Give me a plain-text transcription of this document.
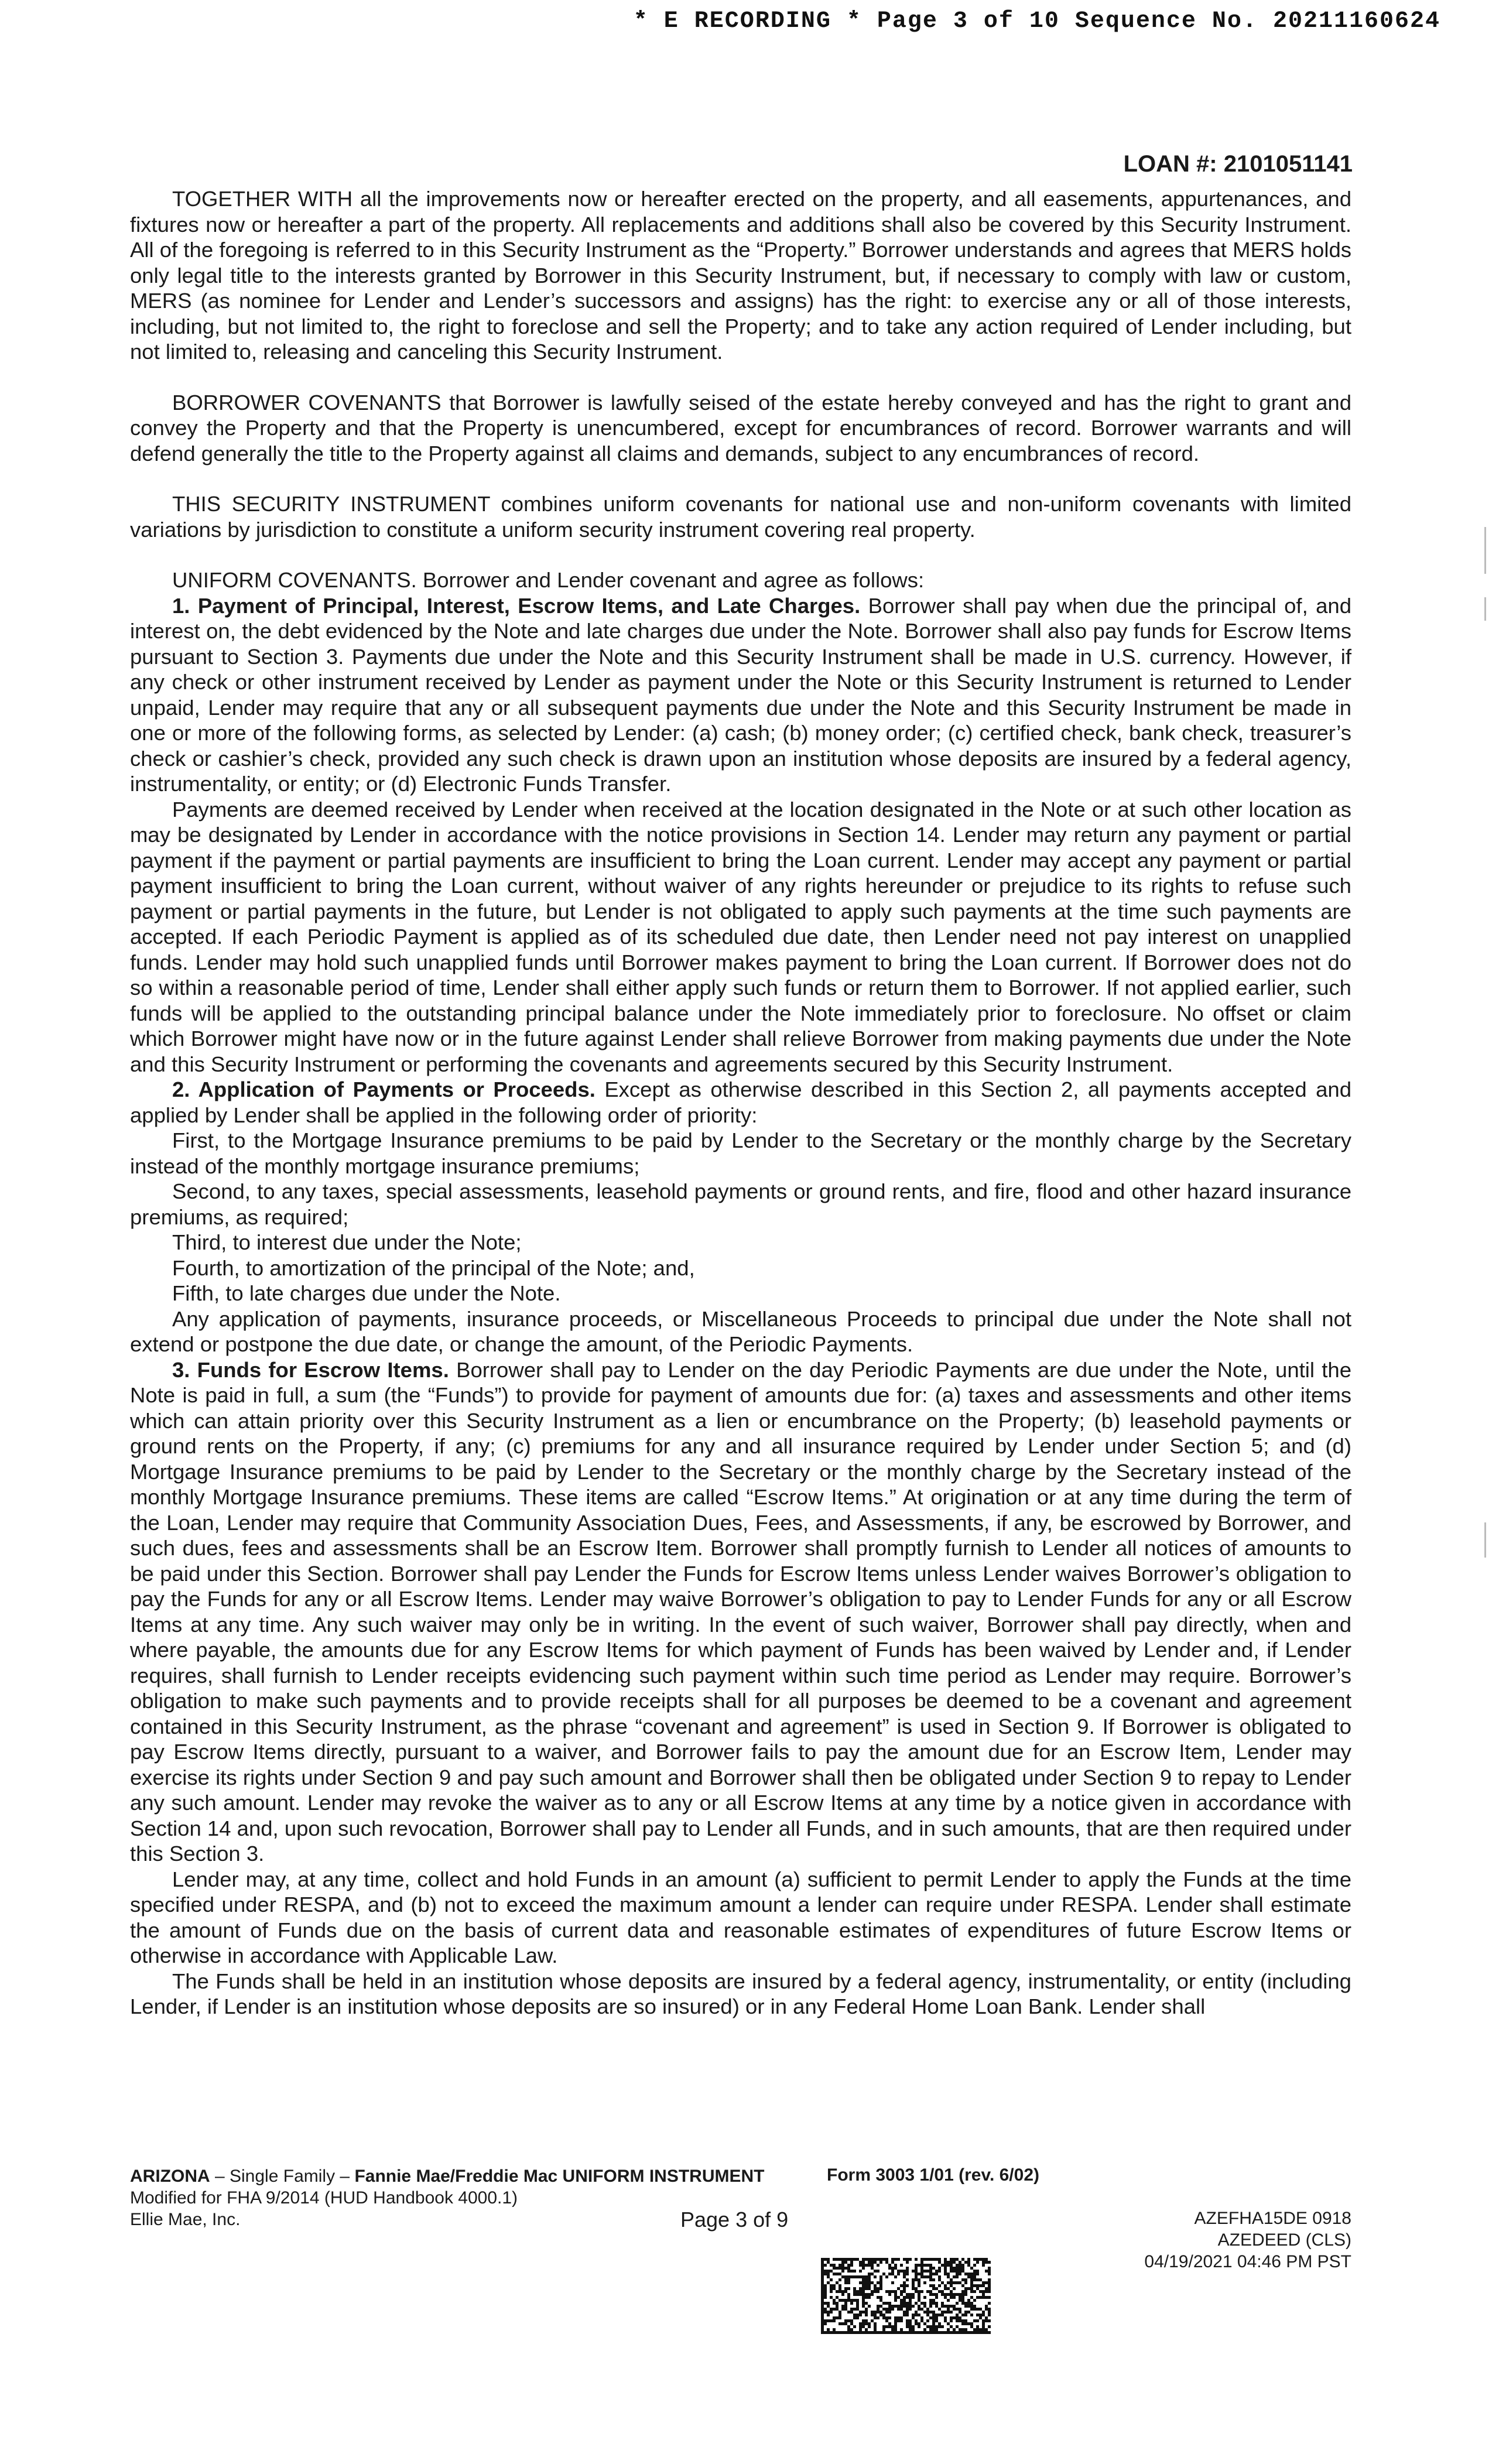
* E RECORDING * Page 3 of 10 Sequence No. 20211160624
LOAN #: 2101051141

TOGETHER WITH all the improvements now or hereafter erected on the property, and all easements, appurtenances, and fixtures now or hereafter a part of the property. All replacements and additions shall also be covered by this Security Instrument. All of the foregoing is referred to in this Security Instrument as the “Property.” Borrower understands and agrees that MERS holds only legal title to the interests granted by Borrower in this Security Instrument, but, if necessary to comply with law or custom, MERS (as nominee for Lender and Lender’s successors and assigns) has the right: to exercise any or all of those interests, including, but not limited to, the right to foreclose and sell the Property; and to take any action required of Lender including, but not limited to, releasing and canceling this Security Instrument.

BORROWER COVENANTS that Borrower is lawfully seised of the estate hereby conveyed and has the right to grant and convey the Property and that the Property is unencumbered, except for encumbrances of record. Borrower warrants and will defend generally the title to the Property against all claims and demands, subject to any encumbrances of record.

THIS SECURITY INSTRUMENT combines uniform covenants for national use and non-uniform covenants with limited variations by jurisdiction to constitute a uniform security instrument covering real property.

UNIFORM COVENANTS. Borrower and Lender covenant and agree as follows:

1. Payment of Principal, Interest, Escrow Items, and Late Charges. Borrower shall pay when due the principal of, and interest on, the debt evidenced by the Note and late charges due under the Note. Borrower shall also pay funds for Escrow Items pursuant to Section 3. Payments due under the Note and this Security Instrument shall be made in U.S. currency. However, if any check or other instrument received by Lender as payment under the Note or this Security Instrument is returned to Lender unpaid, Lender may require that any or all subsequent payments due under the Note and this Security Instrument be made in one or more of the following forms, as selected by Lender: (a) cash; (b) money order; (c) certified check, bank check, treasurer’s check or cashier’s check, provided any such check is drawn upon an institution whose deposits are insured by a federal agency, instrumentality, or entity; or (d) Electronic Funds Transfer.

Payments are deemed received by Lender when received at the location designated in the Note or at such other location as may be designated by Lender in accordance with the notice provisions in Section 14. Lender may return any payment or partial payment if the payment or partial payments are insufficient to bring the Loan current. Lender may accept any payment or partial payment insufficient to bring the Loan current, without waiver of any rights hereunder or prejudice to its rights to refuse such payment or partial payments in the future, but Lender is not obligated to apply such payments at the time such payments are accepted. If each Periodic Payment is applied as of its scheduled due date, then Lender need not pay interest on unapplied funds. Lender may hold such unapplied funds until Borrower makes payment to bring the Loan current. If Borrower does not do so within a reasonable period of time, Lender shall either apply such funds or return them to Borrower. If not applied earlier, such funds will be applied to the outstanding principal balance under the Note immediately prior to foreclosure. No offset or claim which Borrower might have now or in the future against Lender shall relieve Borrower from making payments due under the Note and this Security Instrument or performing the covenants and agreements secured by this Security Instrument.

2. Application of Payments or Proceeds. Except as otherwise described in this Section 2, all payments accepted and applied by Lender shall be applied in the following order of priority:

First, to the Mortgage Insurance premiums to be paid by Lender to the Secretary or the monthly charge by the Secretary instead of the monthly mortgage insurance premiums;

Second, to any taxes, special assessments, leasehold payments or ground rents, and fire, flood and other hazard insurance premiums, as required;

Third, to interest due under the Note;

Fourth, to amortization of the principal of the Note; and,

Fifth, to late charges due under the Note.

Any application of payments, insurance proceeds, or Miscellaneous Proceeds to principal due under the Note shall not extend or postpone the due date, or change the amount, of the Periodic Payments.

3. Funds for Escrow Items. Borrower shall pay to Lender on the day Periodic Payments are due under the Note, until the Note is paid in full, a sum (the “Funds”) to provide for payment of amounts due for: (a) taxes and assessments and other items which can attain priority over this Security Instrument as a lien or encumbrance on the Property; (b) leasehold payments or ground rents on the Property, if any; (c) premiums for any and all insurance required by Lender under Section 5; and (d) Mortgage Insurance premiums to be paid by Lender to the Secretary or the monthly charge by the Secretary instead of the monthly Mortgage Insurance premiums. These items are called “Escrow Items.” At origination or at any time during the term of the Loan, Lender may require that Community Association Dues, Fees, and Assessments, if any, be escrowed by Borrower, and such dues, fees and assessments shall be an Escrow Item. Borrower shall promptly furnish to Lender all notices of amounts to be paid under this Section. Borrower shall pay Lender the Funds for Escrow Items unless Lender waives Borrower’s obligation to pay the Funds for any or all Escrow Items. Lender may waive Borrower’s obligation to pay to Lender Funds for any or all Escrow Items at any time. Any such waiver may only be in writing. In the event of such waiver, Borrower shall pay directly, when and where payable, the amounts due for any Escrow Items for which payment of Funds has been waived by Lender and, if Lender requires, shall furnish to Lender receipts evidencing such payment within such time period as Lender may require. Borrower’s obligation to make such payments and to provide receipts shall for all purposes be deemed to be a covenant and agreement contained in this Security Instrument, as the phrase “covenant and agreement” is used in Section 9. If Borrower is obligated to pay Escrow Items directly, pursuant to a waiver, and Borrower fails to pay the amount due for an Escrow Item, Lender may exercise its rights under Section 9 and pay such amount and Borrower shall then be obligated under Section 9 to repay to Lender any such amount. Lender may revoke the waiver as to any or all Escrow Items at any time by a notice given in accordance with Section 14 and, upon such revocation, Borrower shall pay to Lender all Funds, and in such amounts, that are then required under this Section 3.

Lender may, at any time, collect and hold Funds in an amount (a) sufficient to permit Lender to apply the Funds at the time specified under RESPA, and (b) not to exceed the maximum amount a lender can require under RESPA. Lender shall estimate the amount of Funds due on the basis of current data and reasonable estimates of expenditures of future Escrow Items or otherwise in accordance with Applicable Law.

The Funds shall be held in an institution whose deposits are insured by a federal agency, instrumentality, or entity (including Lender, if Lender is an institution whose deposits are so insured) or in any Federal Home Loan Bank. Lender shall

ARIZONA – Single Family – Fannie Mae/Freddie Mac UNIFORM INSTRUMENT
Modified for FHA 9/2014 (HUD Handbook 4000.1)
Ellie Mae, Inc.
Form 3003 1/01 (rev. 6/02)
Page 3 of 9	AZEFHA15DE 0918
AZEDEED (CLS)
04/19/2021 04:46 PM PST
